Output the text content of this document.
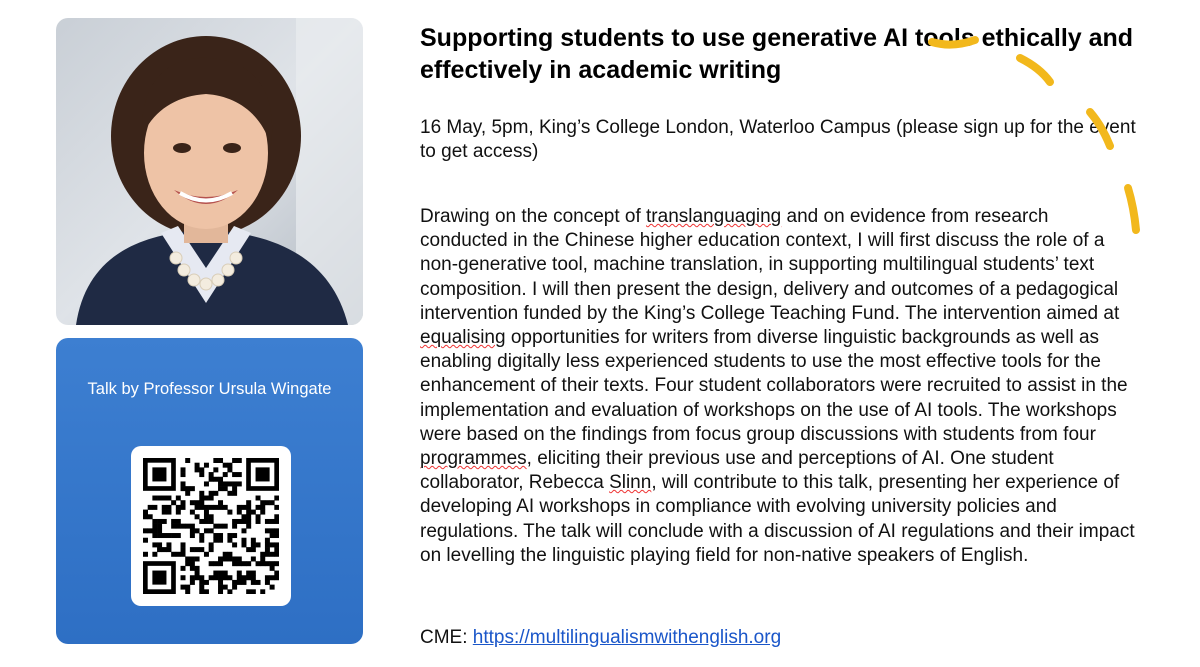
Talk by Professor Ursula Wingate
Supporting students to use generative AI tools ethically and effectively in academic writing
16 May, 5pm, King’s College London, Waterloo Campus (please sign up for the event to get access)
Drawing on the concept of translanguaging and on evidence from research conducted in the Chinese higher education context, I will first discuss the role of a non-generative tool, machine translation, in supporting multilingual students’ text composition. I will then present the design, delivery and outcomes of a pedagogical intervention funded by the King’s College Teaching Fund. The intervention aimed at equalising opportunities for writers from diverse linguistic backgrounds as well as enabling digitally less experienced students to use the most effective tools for the enhancement of their texts. Four student collaborators were recruited to assist in the implementation and evaluation of workshops on the use of AI tools. The workshops were based on the findings from focus group discussions with students from four programmes, eliciting their previous use and perceptions of AI. One student collaborator, Rebecca Slinn, will contribute to this talk, presenting her experience of developing AI workshops in compliance with evolving university policies and regulations. The talk will conclude with a discussion of AI regulations and their impact on levelling the linguistic playing field for non-native speakers of English.
CME: https://multilingualismwithenglish.org
